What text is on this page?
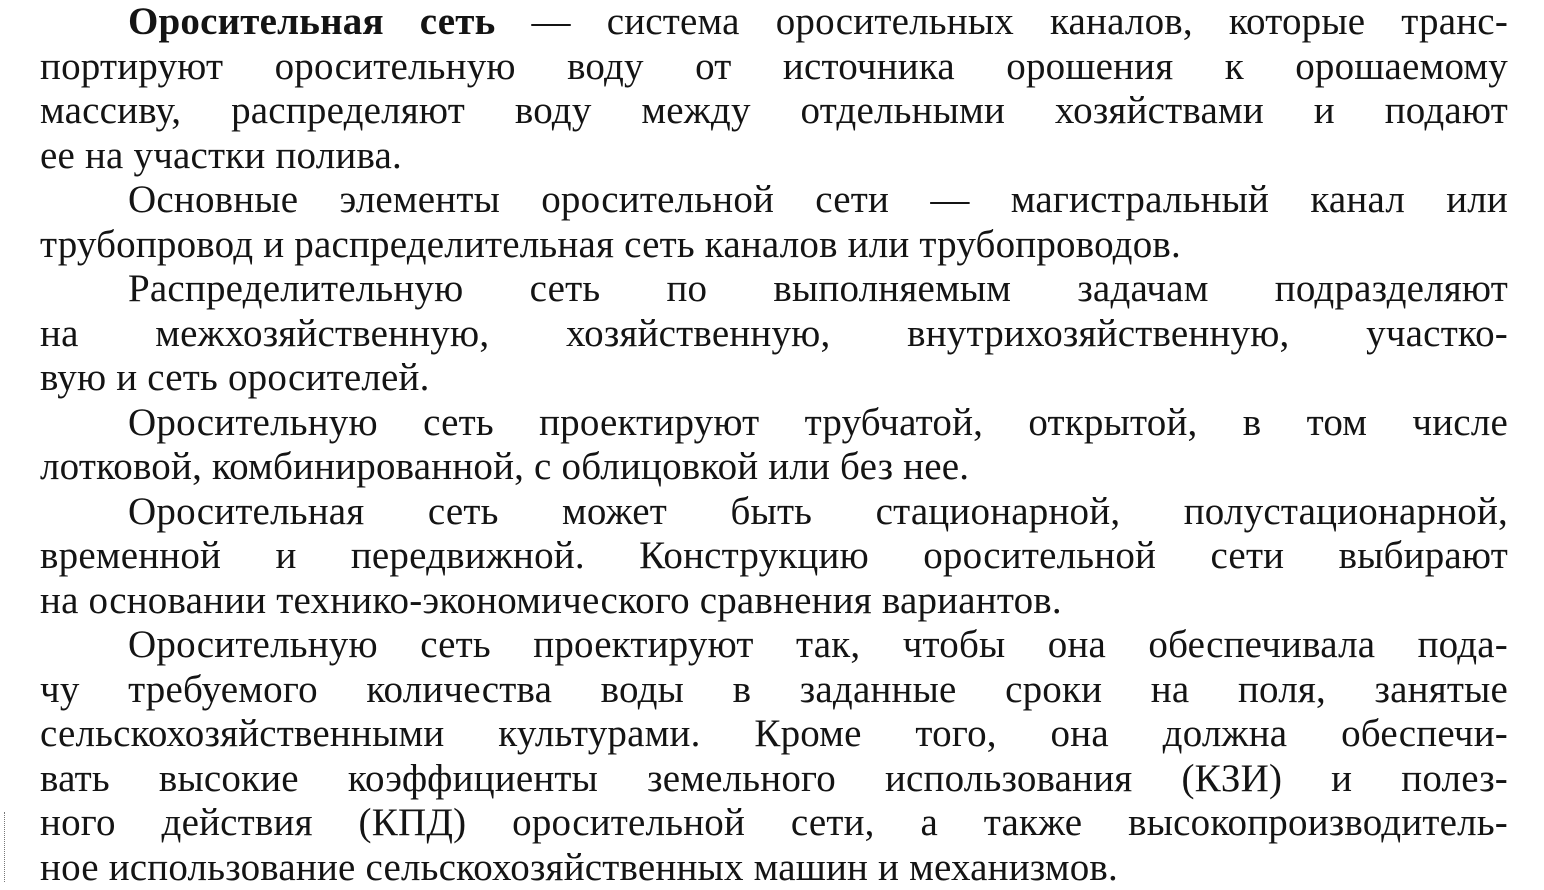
Оросительная сеть — система оросительных каналов, которые транс-
портируют оросительную воду от источника орошения к орошаемому
массиву, распределяют воду между отдельными хозяйствами и подают
ее на участки полива.
Основные элементы оросительной сети — магистральный канал или
трубопровод и распределительная сеть каналов или трубопроводов.
Распределительную сеть по выполняемым задачам подразделяют
на межхозяйственную, хозяйственную, внутрихозяйственную, участко-
вую и сеть оросителей.
Оросительную сеть проектируют трубчатой, открытой, в том числе
лотковой, комбинированной, с облицовкой или без нее.
Оросительная сеть может быть стационарной, полустационарной,
временной и передвижной. Конструкцию оросительной сети выбирают
на основании технико-экономического сравнения вариантов.
Оросительную сеть проектируют так, чтобы она обеспечивала пода-
чу требуемого количества воды в заданные сроки на поля, занятые
сельскохозяйственными культурами. Кроме того, она должна обеспечи-
вать высокие коэффициенты земельного использования (КЗИ) и полез-
ного действия (КПД) оросительной сети, а также высокопроизводитель-
ное использование сельскохозяйственных машин и механизмов.
